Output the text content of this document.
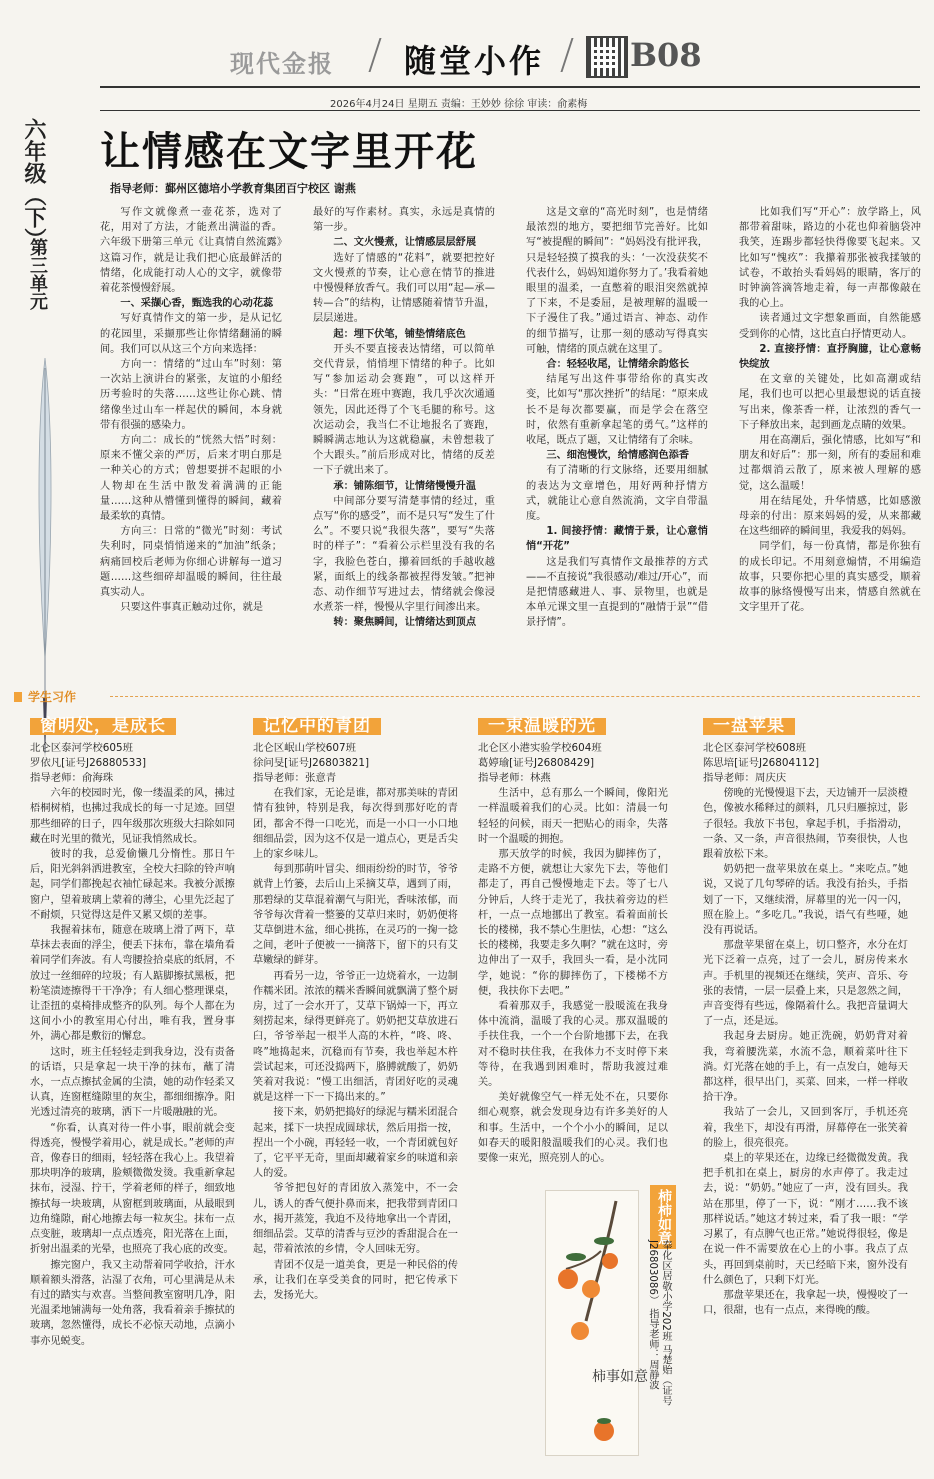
现代金报 随堂小作	B08
2026年4月24日 星期五 责编：王妙妙 徐徐 审读：俞素梅
六年级（下）
第三单元
让情感在文字里开花
指导老师：鄞州区德培小学教育集团百宁校区 谢燕

写作文就像煮一壶花茶，选对了花，用对了方法，才能煮出满溢的香。六年级下册第三单元《让真情自然流露》这篇习作，就是让我们把心底最鲜活的情绪，化成能打动人心的文字，就像带着花茶慢慢舒展。

一、采撷心香，甄选我的心动花蕊

写好真情作文的第一步，是从记忆的花园里，采撷那些让你情绪翻涌的瞬间。我们可以从这三个方向来选择：

方向一：情绪的“过山车”时刻：第一次站上演讲台的紧张，友谊的小船经历考验时的失落……这些让你心跳、情绪像坐过山车一样起伏的瞬间，本身就带有很强的感染力。

方向二：成长的“恍然大悟”时刻：原来不懂父亲的严厉，后来才明白那是一种关心的方式；曾想要拼不起眼的小人物却在生活中散发着满满的正能量……这种从懵懂到懂得的瞬间，藏着最柔软的真情。

方向三：日常的“微光”时刻：考试失利时，同桌悄悄递来的“加油”纸条；病痛回校后老师为你细心讲解每一道习题……这些细碎却温暖的瞬间，往往最真实动人。

只要这件事真正触动过你，就是

最好的写作素材。真实，永远是真情的第一步。

二、文火慢煮，让情感层层舒展

选好了情感的“花料”，就要把控好文火慢煮的节奏，让心意在情节的推进中慢慢释放香气。我们可以用“起—承—转—合”的结构，让情感随着情节升温，层层递进。

起：埋下伏笔，铺垫情绪底色

开头不要直接表达情绪，可以简单交代背景，悄悄埋下情绪的种子。比如写“参加运动会赛跑”，可以这样开头：“日常在班中赛跑，我几乎次次通通领先，因此还得了个飞毛腿的称号。这次运动会，我当仁不让地报名了赛跑，瞬瞬满志地认为这就稳赢，未曾想栽了个大跟头。”前后形成对比，情绪的反差一下子就出来了。

承：铺陈细节，让情绪慢慢升温

中间部分要写清楚事情的经过，重点写“你的感受”，而不是只写“发生了什么”。不要只说“我很失落”，要写“失落时的样子”：“看着公示栏里没有我的名字，我脸色苍白，攥着回纸的手越收越紧，面纸上的线条都被捏得发皱。”把神态、动作细节写进过去，情绪就会像浸水煮茶一样，慢慢从字里行间渗出来。

转：聚焦瞬间，让情绪达到顶点

这是文章的“高光时刻”，也是情绪最浓烈的地方，要把细节完善好。比如写“被提醒的瞬间”：“妈妈没有批评我，只是轻轻摸了摸我的头：‘一次没获奖不代表什么，妈妈知道你努力了。’我看着她眼里的温柔，一直憋着的眼泪突然就掉了下来，不是委屈，是被理解的温暖一下子漫住了我。”通过语言、神态、动作的细节描写，让那一刻的感动写得真实可触，情绪的顶点就在这里了。

合：轻轻收尾，让情绪余韵悠长

结尾写出这件事带给你的真实改变，比如写“那次挫折”的结尾：“原来成长不是每次都要赢，而是学会在落空时，依然有重新拿起笔的勇气。”这样的收尾，既点了题，又让情绪有了余味。

三、细泡慢饮，给情感润色添香

有了清晰的行文脉络，还要用细腻的表达为文章增色，用好两种抒情方式，就能让心意自然流淌，文字自带温度。

1. 间接抒情：藏情于景，让心意悄悄“开花”

这是我们写真情作文最推荐的方式——不直接说“我很感动/难过/开心”，而是把情感藏进人、事、景物里，也就是本单元课文里一直提到的“融情于景”“借景抒情”。

比如我们写“开心”：放学路上，风都带着甜味，路边的小花也仰着脑袋冲我笑，连踢步都轻快得像要飞起来。又比如写“愧疚”：我攥着那张被我揉皱的试卷，不敢抬头看妈妈的眼睛，客厅的时钟滴答滴答地走着，每一声都像敲在我的心上。

读者通过文字想象画面，自然能感受到你的心情，这比直白抒情更动人。

2. 直接抒情：直抒胸臆，让心意畅快绽放

在文章的关键处，比如高潮或结尾，我们也可以把心里最想说的话直接写出来，像茶香一样，让浓烈的香气一下子释放出来，起到画龙点睛的效果。

用在高潮后，强化情感，比如写“和朋友和好后”：那一刻，所有的委屈和难过都烟消云散了，原来被人理解的感觉，这么温暖！

用在结尾处，升华情感，比如感激母亲的付出：原来妈妈的爱，从来都藏在这些细碎的瞬间里，我爱我的妈妈。

同学们，每一份真情，都是你独有的成长印记。不用刻意煽情，不用编造故事，只要你把心里的真实感受，顺着故事的脉络慢慢写出来，情感自然就在文字里开了花。

学生习作
窗明处，是成长
北仑区泰河学校605班
罗依凡[证号J26880533]
指导老师：俞海珠

六年的校园时光，像一缕温柔的风，拂过梧桐树梢，也拂过我成长的每一寸足迹。回望那些细碎的日子，四年级那次班级大扫除如同藏在时光里的微光，见证我悄然成长。

彼时的我，总爱偷懒几分惰性。那日午后，阳光斜斜洒进教室，全校大扫除的铃声响起，同学们都挽起衣袖忙碌起来。我被分派擦窗户，望着玻璃上蒙着的薄尘，心里先泛起了不耐烦，只觉得这是件又累又烦的差事。

我握着抹布，随意在玻璃上滑了两下，草草抹去表面的浮尘，便丢下抹布，靠在墙角看着同学们奔波。有人弯腰捡拾桌底的纸屑，不放过一丝细碎的垃圾；有人踮脚擦拭黑板，把粉笔渍迹擦得干干净净；有人细心整理课桌，让歪扭的桌椅排成整齐的队列。每个人都在为这间小小的教室用心付出，唯有我，置身事外，满心都是敷衍的懈怠。

这时，班主任轻轻走到我身边，没有责备的话语，只是拿起一块干净的抹布，蘸了清水，一点点擦拭金属的尘渍，她的动作轻柔又认真，连窗框缝隙里的灰尘，都细细擦净。阳光透过清亮的玻璃，洒下一片暖融融的光。

“你看，认真对待一件小事，眼前就会变得透亮，慢慢学着用心，就是成长。”老师的声音，像春日的细雨，轻轻落在我心上。我望着那块明净的玻璃，脸颊微微发烫。我重新拿起抹布，浸湿、拧干，学着老师的样子，细致地擦拭每一块玻璃，从窗框到玻璃面，从最眼到边角缝隙，耐心地擦去每一粒灰尘。抹布一点点变脏，玻璃却一点点透亮，阳光落在上面，折射出温柔的光晕，也照亮了我心底的改变。

擦完窗户，我又主动帮着同学收拾，汗水顺着额头滑落，沾湿了衣角，可心里满是从未有过的踏实与欢喜。当整间教室窗明几净，阳光温柔地铺满每一处角落，我看着亲手擦拭的玻璃，忽然懂得，成长不必惊天动地，点滴小事亦见蜕变。

记忆中的青团
北仑区岷山学校607班
徐问旻[证号J26803821]
指导老师：张意青

在我们家，无论是谁，都对那美味的青团情有独钟，特别是我，每次得到那好吃的青团，都舍不得一口吃光，而是一小口一小口地细细品尝，因为这不仅是一道点心，更是舌尖上的家乡味儿。

每到那萌叶冒尖、细雨纷纷的时节，爷爷就背上竹篓，去后山上采摘艾草，遇到了雨，那碧绿的艾草混着潮气与阳光，香味浓郁，而爷爷每次背着一整篓的艾草归来时，奶奶便将艾草倒进木盆，细心挑拣，在灵巧的一掬一捻之间，老叶子便被一一摘落下，留下的只有艾草嫩绿的鲜芽。

再看另一边，爷爷正一边烧着水，一边制作糯米团。浓浓的糯米香瞬间就飘满了整个厨房，过了一会水开了，艾草下锅焯一下，再立刻捞起来，绿得更鲜亮了。奶奶把艾草放进石臼，爷爷举起一根半人高的木杵，“咚、咚、咚”地捣起来，沉稳而有节奏，我也举起木杵尝试起来，可还没捣两下，胳膊就酸了，奶奶笑着对我说：“慢工出细活，青团好吃的灵魂就是这样一下一下捣出来的。”

接下来，奶奶把捣好的绿泥与糯米团混合起来，揉下一块捏成圆球状，然后用指一按，捏出一个小碗，再轻轻一收，一个青团就包好了，它平平无奇，里面却藏着家乡的味道和亲人的爱。

爷爷把包好的青团放入蒸笼中，不一会儿，诱人的香气便扑鼻而来，把我带到青团口水，揭开蒸笼，我迫不及待地拿出一个青团，细细品尝。艾草的清香与豆沙的香甜混合在一起，带着浓浓的乡情，令人回味无穷。

青团不仅是一道美食，更是一种民俗的传承，让我们在享受美食的同时，把它传承下去，发扬光大。

一束温暖的光
北仑区小港实验学校604班
葛婷瑜[证号J26808429]
指导老师：林燕

生活中，总有那么一个瞬间，像阳光一样温暖着我们的心灵。比如：清晨一句轻轻的问候，雨天一把贴心的雨伞，失落时一个温暖的拥抱。

那天放学的时候，我因为脚摔伤了，走路不方便，就想让大家先下去，等他们都走了，再自己慢慢地走下去。等了七八分钟后，人终于走光了，我扶着旁边的栏杆，一点一点地挪出了教室。看着面前长长的楼梯，我不禁心生胆怯，心想：“这么长的楼梯，我要走多久啊？”就在这时，旁边伸出了一双手，我回头一看，是小沈同学，她说：“你的脚摔伤了，下楼梯不方便，我扶你下去吧。”

看着那双手，我感觉一股暖流在我身体中流淌，温暖了我的心灵。那双温暖的手扶住我，一个一个台阶地挪下去，在我对不稳时扶住我，在我体力不支时停下来等待，在我遇到困难时，帮助我渡过难关。

美好就像空气一样无处不在，只要你细心观察，就会发现身边有许多美好的人和事。生活中，一个个小小的瞬间，足以如春天的暖阳般温暖我们的心灵。我们也要像一束光，照亮别人的心。

柿事如意
柿柿如意
奉化区居敬小学202班 马楚贻（证号J26803086） 指导老师：周静波
一盘苹果
北仑区泰河学校608班
陈思培[证号J26804112]
指导老师：周庆庆

傍晚的光慢慢退下去，天边铺开一层淡橙色，像被水稀释过的颜料，几只归雁掠过，影子很轻。我放下书包，拿起手机，手指滑动，一条、又一条，声音很热闹，节奏很快，人也跟着放松下来。

奶奶把一盘苹果放在桌上。“来吃点。”她说，又说了几句琴碎的话。我没有抬头，手指划了一下，又继续滑，屏幕里的光一闪一闪，照在脸上。“多吃几。”我说，语气有些哑，她没有再说话。

那盘苹果留在桌上，切口整齐，水分在灯光下泛着一点亮，过了一会儿，厨房传来水声。手机里的视频还在继续，笑声、音乐、夸张的表情，一层一层叠上来，只是忽然之间，声音变得有些远，像隔着什么。我把音量调大了一点，还是远。

我起身去厨房。她正洗碗，奶奶背对着我，弯着腰洗菜，水流不急，顺着菜叶往下淌。灯光落在她的手上，有一点发白，她每天都这样，很早出门，买菜、回来，一样一样收拾干净。

我站了一会儿，又回到客厅，手机还亮着，我坐下，却没有再滑，屏幕停在一张笑着的脸上，很亮很亮。

桌上的苹果还在，边缘已经微微发黄。我把手机扣在桌上，厨房的水声停了。我走过去，说：“奶奶。”她应了一声，没有回头。我站在那里，停了一下，说：“刚才……我不该那样说话。”她这才转过来，看了我一眼：“学习累了，有点脾气也正常。”她说得很轻，像是在说一件不需要放在心上的小事。我点了点头，再回到桌前时，天已经暗下来，窗外没有什么颜色了，只剩下灯光。

那盘苹果还在，我拿起一块，慢慢咬了一口，很甜，也有一点点，来得晚的酸。
